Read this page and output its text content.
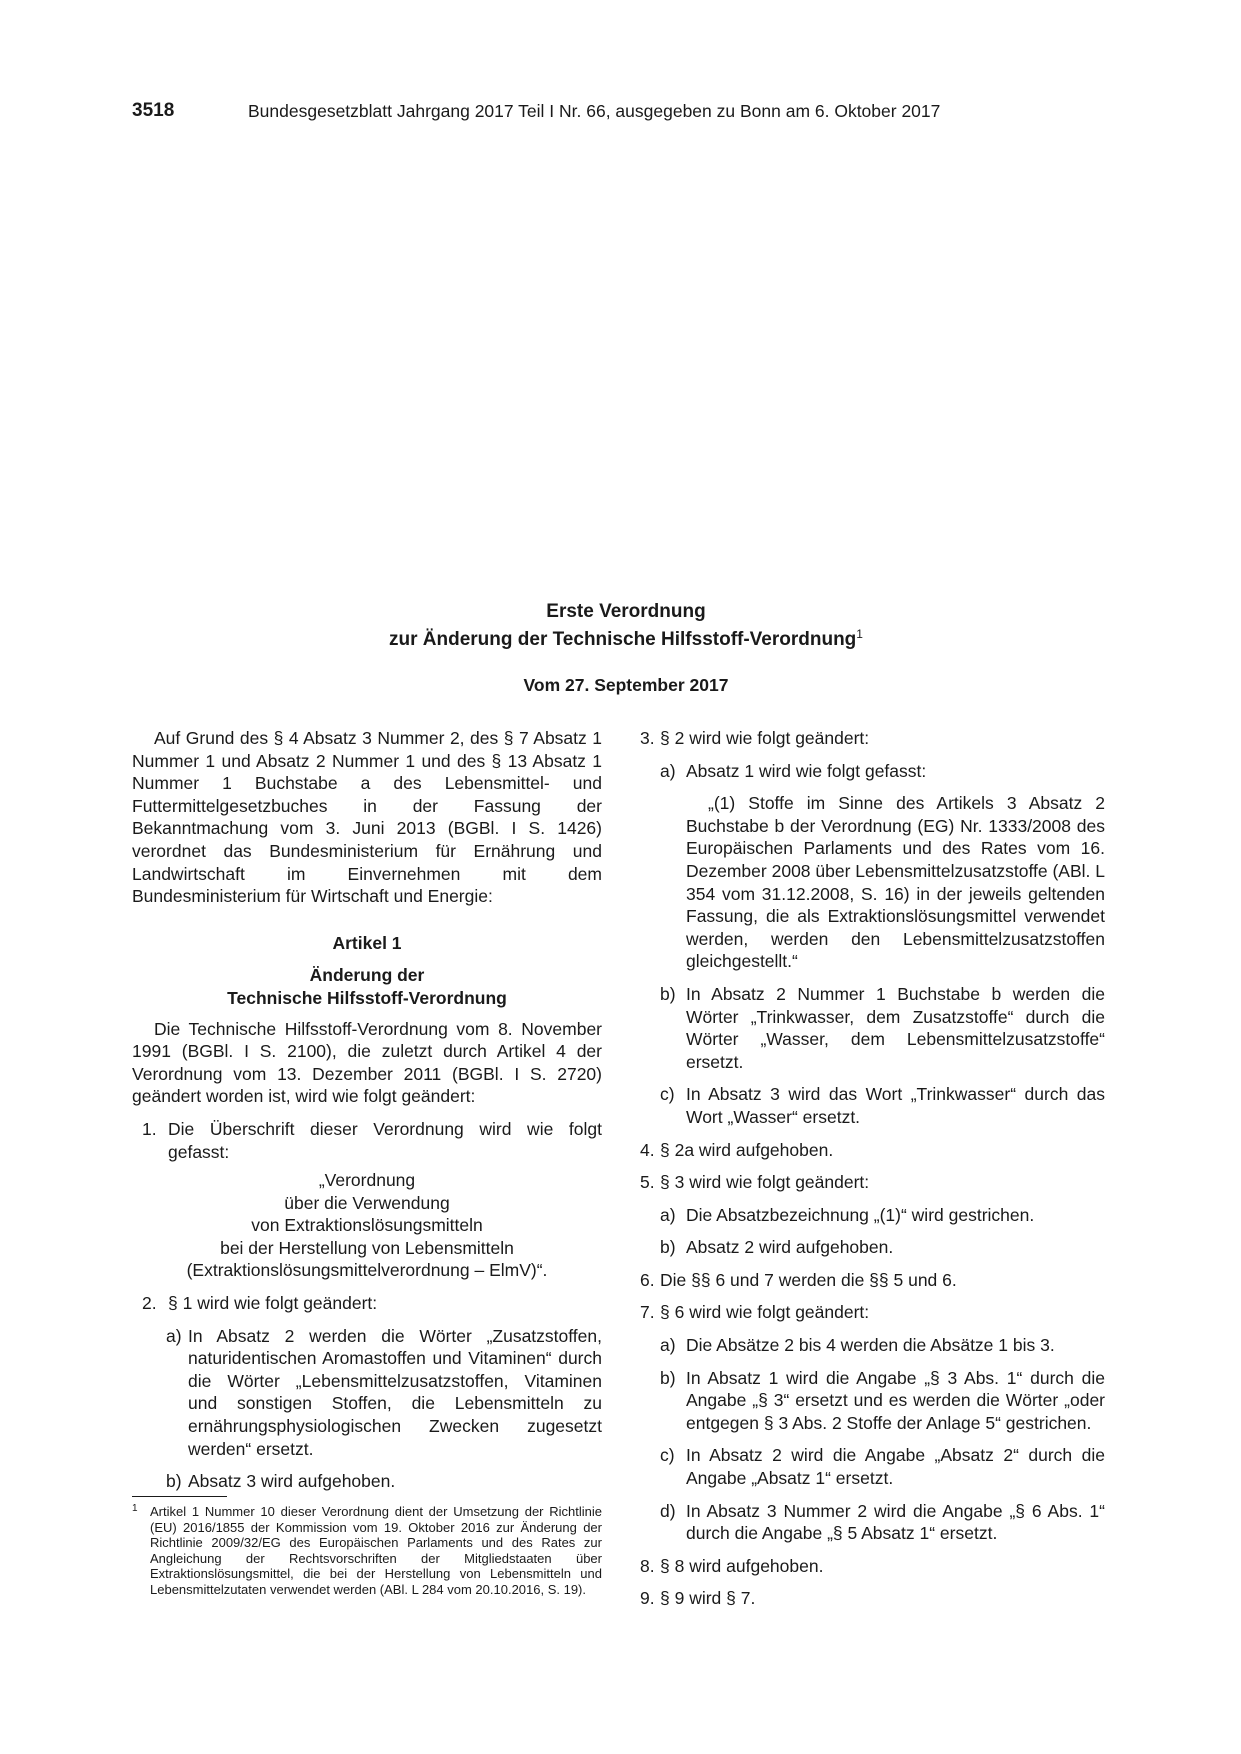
3518	Bundesgesetzblatt Jahrgang 2017 Teil I Nr. 66, ausgegeben zu Bonn am 6. Oktober 2017
Erste Verordnung
zur Änderung der Technische Hilfsstoff-Verordnung$^1$
Vom 27. September 2017

Auf Grund des § 4 Absatz 3 Nummer 2, des § 7 Absatz 1 Nummer 1 und Absatz 2 Nummer 1 und des § 13 Absatz 1 Nummer 1 Buchstabe a des Lebensmittel- und Futtermittelgesetzbuches in der Fassung der Bekanntmachung vom 3. Juni 2013 (BGBl. I S. 1426) verordnet das Bundesministerium für Ernährung und Landwirtschaft im Einvernehmen mit dem Bundesministerium für Wirtschaft und Energie:

Artikel 1

Änderung der

Technische Hilfsstoff-Verordnung

Die Technische Hilfsstoff-Verordnung vom 8. November 1991 (BGBl. I S. 2100), die zuletzt durch Artikel 4 der Verordnung vom 13. Dezember 2011 (BGBl. I S. 2720) geändert worden ist, wird wie folgt geändert:

1. Die Überschrift dieser Verordnung wird wie folgt gefasst:
„Verordnung
über die Verwendung
von Extraktionslösungsmitteln
bei der Herstellung von Lebensmitteln
(Extraktionslösungsmittelverordnung – ElmV)“.
2. § 1 wird wie folgt geändert:
a) In Absatz 2 werden die Wörter „Zusatzstoffen, naturidentischen Aromastoffen und Vitaminen“ durch die Wörter „Lebensmittelzusatzstoffen, Vitaminen und sonstigen Stoffen, die Lebensmitteln zu ernährungsphysiologischen Zwecken zugesetzt werden“ ersetzt.
b) Absatz 3 wird aufgehoben.
3. § 2 wird wie folgt geändert:
a) Absatz 1 wird wie folgt gefasst:

„(1) Stoffe im Sinne des Artikels 3 Absatz 2 Buchstabe b der Verordnung (EG) Nr. 1333/2008 des Europäischen Parlaments und des Rates vom 16. Dezember 2008 über Lebensmittelzusatzstoffe (ABl. L 354 vom 31.12.2008, S. 16) in der jeweils geltenden Fassung, die als Extraktionslösungsmittel verwendet werden, werden den Lebensmittelzusatzstoffen gleichgestellt.“

b) In Absatz 2 Nummer 1 Buchstabe b werden die Wörter „Trinkwasser, dem Zusatzstoffe“ durch die Wörter „Wasser, dem Lebensmittelzusatzstoffe“ ersetzt.
c) In Absatz 3 wird das Wort „Trinkwasser“ durch das Wort „Wasser“ ersetzt.
4. § 2a wird aufgehoben.
5. § 3 wird wie folgt geändert:
a) Die Absatzbezeichnung „(1)“ wird gestrichen.
b) Absatz 2 wird aufgehoben.
6. Die §§ 6 und 7 werden die §§ 5 und 6.
7. § 6 wird wie folgt geändert:
a) Die Absätze 2 bis 4 werden die Absätze 1 bis 3.
b) In Absatz 1 wird die Angabe „§ 3 Abs. 1“ durch die Angabe „§ 3“ ersetzt und es werden die Wörter „oder entgegen § 3 Abs. 2 Stoffe der Anlage 5“ gestrichen.
c) In Absatz 2 wird die Angabe „Absatz 2“ durch die Angabe „Absatz 1“ ersetzt.
d) In Absatz 3 Nummer 2 wird die Angabe „§ 6 Abs. 1“ durch die Angabe „§ 5 Absatz 1“ ersetzt.
8. § 8 wird aufgehoben.
9. § 9 wird § 7.
1 Artikel 1 Nummer 10 dieser Verordnung dient der Umsetzung der Richtlinie (EU) 2016/1855 der Kommission vom 19. Oktober 2016 zur Änderung der Richtlinie 2009/32/EG des Europäischen Parlaments und des Rates zur Angleichung der Rechtsvorschriften der Mitgliedstaaten über Extraktionslösungsmittel, die bei der Herstellung von Lebensmitteln und Lebensmittelzutaten verwendet werden (ABl. L 284 vom 20.10.2016, S. 19).
